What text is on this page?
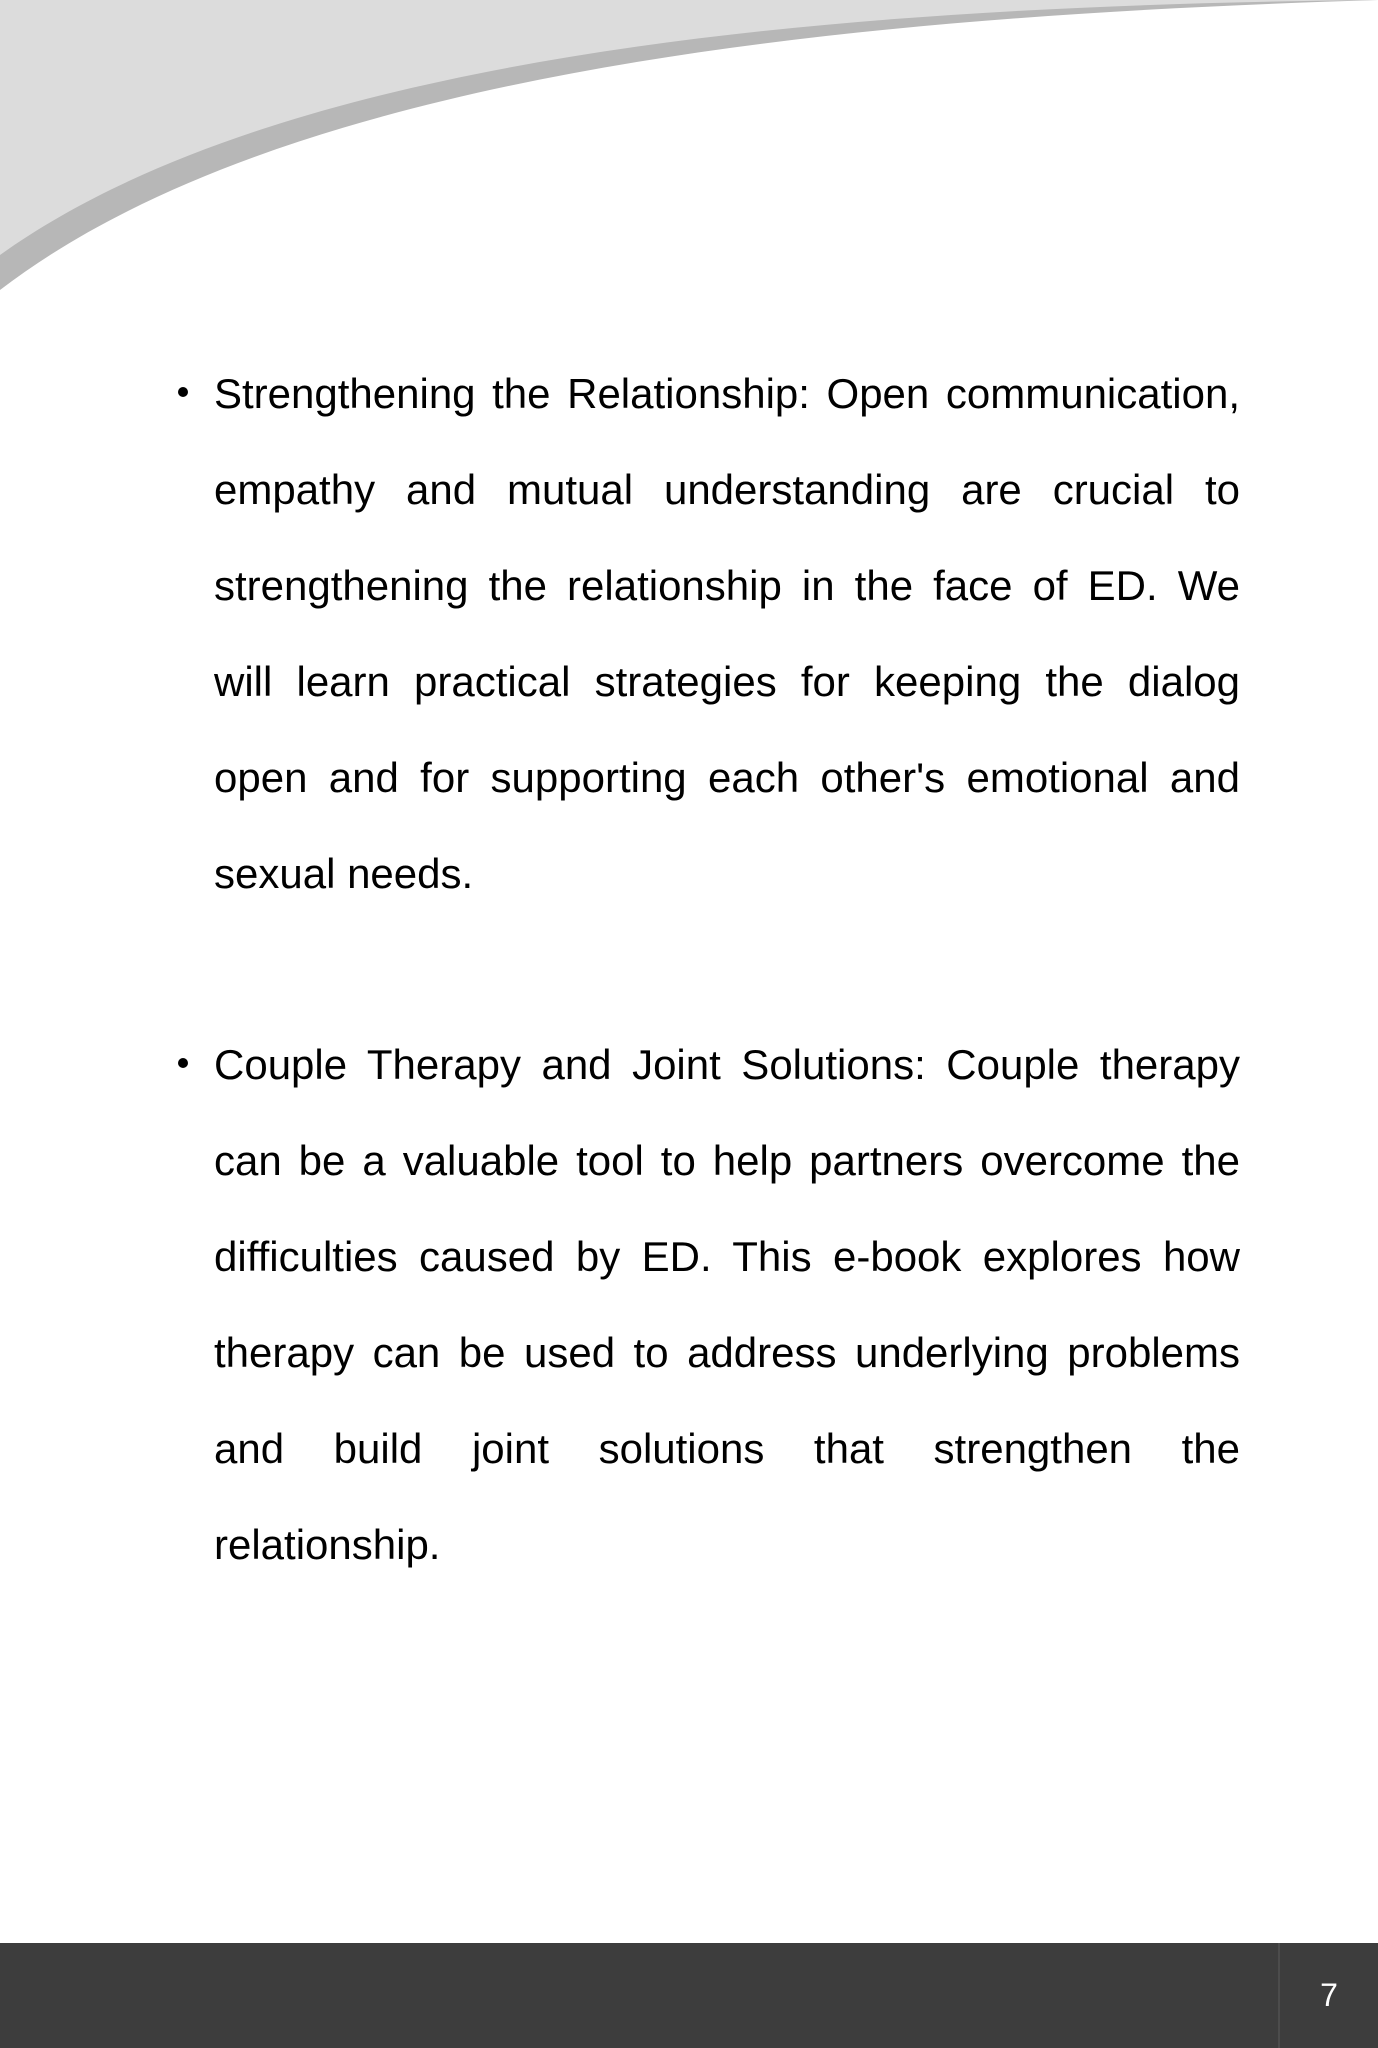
Strengthening the Relationship: Open communication, empathy and mutual understanding are crucial to strengthening the relationship in the face of ED. We will learn practical strategies for keeping the dialog open and for supporting each other's emotional and sexual needs.
Couple Therapy and Joint Solutions: Couple therapy can be a valuable tool to help partners overcome the difficulties caused by ED. This e-book explores how therapy can be used to address underlying problems and build joint solutions that strengthen the relationship.
7
